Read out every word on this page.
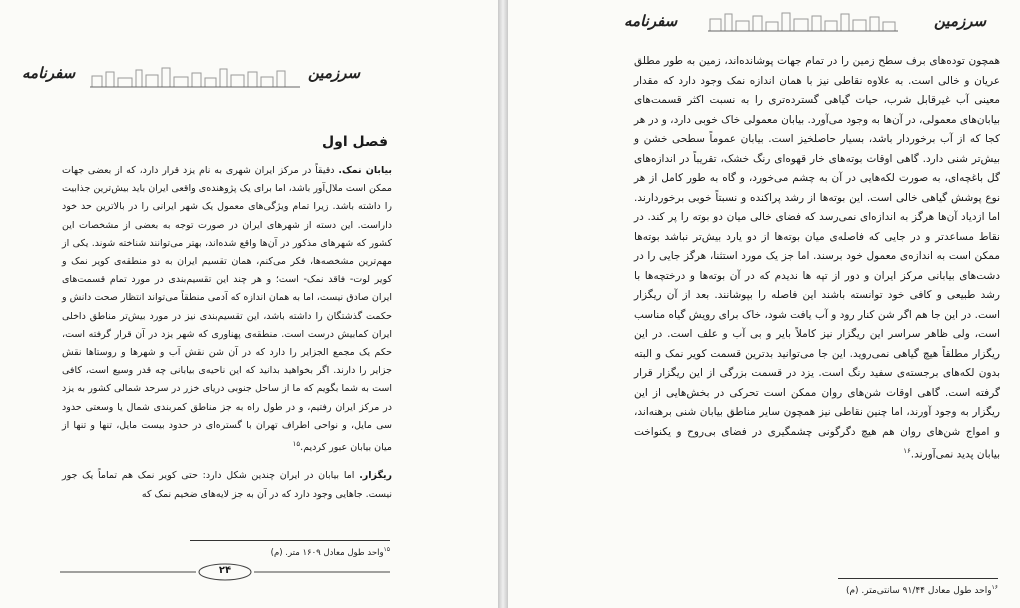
سفرنامه	سرزمین
فصل اول

بیابان نمک. دقیقاً در مرکز ایران شهری به نام یزد قرار دارد، که از بعضی جهات ممکن است ملال‌آور باشد، اما برای یک پژوهنده‌ی واقعی ایران باید بیش‌ترین جذابیت را داشته باشد. زیرا تمام ویژگی‌های معمول یک شهر ایرانی را در بالاترین حد خود داراست. این دسته از شهرهای ایران در صورت توجه به بعضی از مشخصات این کشور که شهرهای مذکور در آن‌ها واقع شده‌اند، بهتر می‌توانند شناخته شوند. یکی از مهم‌ترین مشخصه‌ها، فکر می‌کنم، همان تقسیم ایران به دو منطقه‌ی کویر نمک و کویر لوت- فاقد نمک- است؛ و هر چند این تقسیم‌بندی در مورد تمام قسمت‌های ایران صادق نیست، اما به همان اندازه که آدمی منطقاً می‌تواند انتظار صحت دانش و حکمت گذشتگان را داشته باشد، این تقسیم‌بندی نیز در مورد بیش‌تر مناطق داخلی ایران کمابیش درست است. منطقه‌ی پهناوری که شهر یزد در آن قرار گرفته است، حکم یک مجمع الجزایر را دارد که در آن شن نقش آب و شهرها و روستاها نقش جزایر را دارند. اگر بخواهید بدانید که این ناحیه‌ی بیابانی چه قدر وسیع است، کافی است به شما بگویم که ما از ساحل جنوبی دریای خزر در سرحد شمالی کشور به یزد در مرکز ایران رفتیم، و در طول راه به جز مناطق کمربندی شمال یا وسعتی حدود سی مایل، و نواحی اطراف تهران با گستره‌ای در حدود بیست مایل، تنها و تنها از میان بیابان عبور کردیم.$^{۱۵}$

ریگزار. اما بیابان در ایران چندین شکل دارد: حتی کویر نمک هم تماماً یک جور نیست. جاهایی وجود دارد که در آن به جز لایه‌های ضخیم نمک که

$^{۱۵}$واحد طول معادل ۱۶۰۹ متر. (م)
۲۴
سفرنامه	سرزمین

همچون توده‌های برف سطح زمین را در تمام جهات پوشانده‌اند، زمین به طور مطلق عریان و خالی است. به علاوه نقاطی نیز با همان اندازه نمک وجود دارد که مقدار معینی آب غیرقابل شرب، حیات گیاهی گسترده‌تری را به نسبت اکثر قسمت‌های بیابان‌های معمولی، در آن‌ها به وجود می‌آورد. بیابان معمولی خاک خوبی دارد، و در هر کجا که از آب برخوردار باشد، بسیار حاصلخیز است. بیابان عموماً سطحی خشن و بیش‌تر شنی دارد. گاهی اوقات بوته‌های خار قهوه‌ای رنگ خشک، تقریباً در اندازه‌های گل باغچه‌ای، به صورت لکه‌هایی در آن به چشم می‌خورد، و گاه به طور کامل از هر نوع پوشش گیاهی خالی است. این بوته‌ها از رشد پراکنده و نسبتاً خوبی برخوردارند. اما ازدیاد آن‌ها هرگز به اندازه‌ای نمی‌رسد که فضای خالی میان دو بوته را پر کند. در نقاط مساعدتر و در جایی که فاصله‌ی میان بوته‌ها از دو یارد بیش‌تر نباشد بوته‌ها ممکن است به اندازه‌ی معمول خود برسند. اما جز یک مورد استثنا، هرگز جایی را در دشت‌های بیابانی مرکز ایران و دور از تپه ها ندیدم که در آن بوته‌ها و درختچه‌ها با رشد طبیعی و کافی خود توانسته باشند این فاصله را بپوشانند. بعد از آن ریگزار است. در این جا هم اگر شن کنار رود و آب یافت شود، خاک برای رویش گیاه مناسب است، ولی ظاهر سراسر این ریگزار نیز کاملاً بایر و بی آب و علف است. در این ریگزار مطلقاً هیچ گیاهی نمی‌روید. این جا می‌توانید بدترین قسمت کویر نمک و البته بدون لکه‌های برجسته‌ی سفید رنگ است. یزد در قسمت بزرگی از این ریگزار قرار گرفته است. گاهی اوقات شن‌های روان ممکن است تحرکی در بخش‌هایی از این ریگزار به وجود آورند، اما چنین نقاطی نیز همچون سایر مناطق بیابان شنی برهنه‌اند، و امواج شن‌های روان هم هیچ دگرگونی چشمگیری در فضای بی‌روح و یکنواخت بیابان پدید نمی‌آورند.$^{۱۶}$

$^{۱۶}$واحد طول معادل ۹۱/۴۴ سانتی‌متر. (م)
